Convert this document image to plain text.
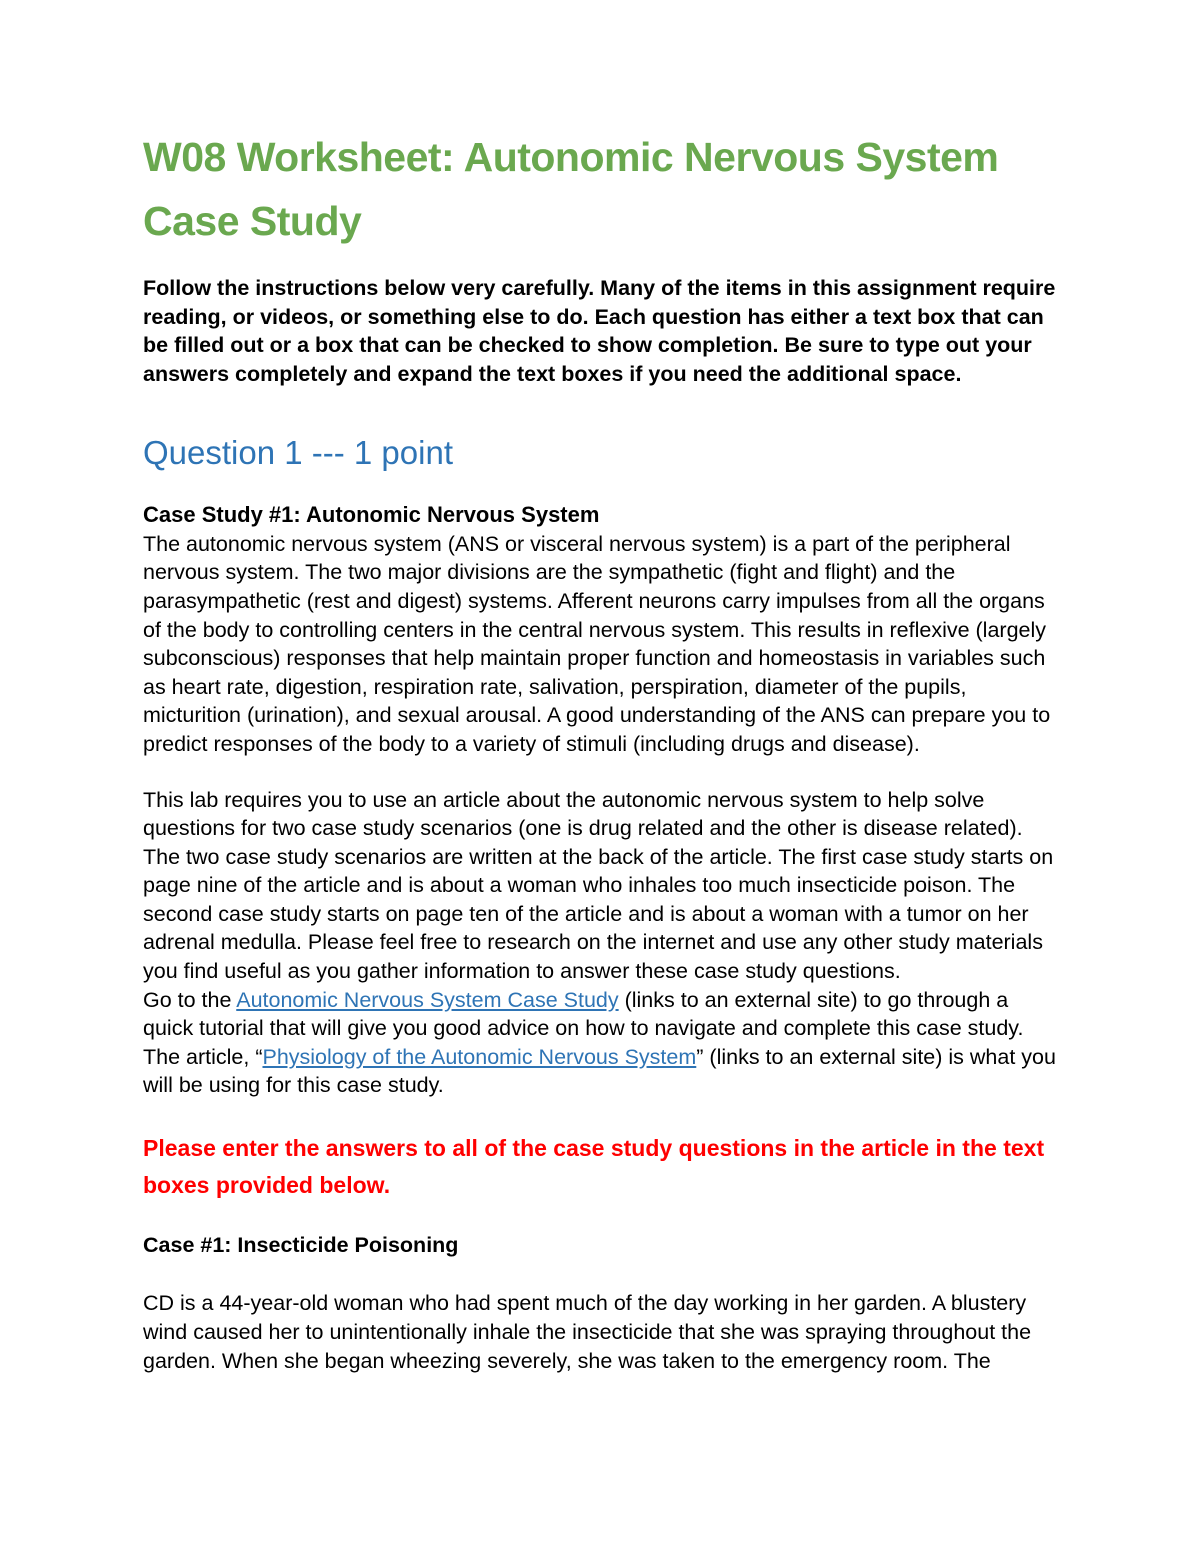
W08 Worksheet: Autonomic Nervous System Case Study

Follow the instructions below very carefully. Many of the items in this assignment require reading, or videos, or something else to do. Each question has either a text box that can be filled out or a box that can be checked to show completion. Be sure to type out your answers completely and expand the text boxes if you need the additional space.

Question 1 --- 1 point

Case Study #1: Autonomic Nervous System

The autonomic nervous system (ANS or visceral nervous system) is a part of the peripheral nervous system. The two major divisions are the sympathetic (fight and flight) and the parasympathetic (rest and digest) systems. Afferent neurons carry impulses from all the organs of the body to controlling centers in the central nervous system. This results in reflexive (largely subconscious) responses that help maintain proper function and homeostasis in variables such as heart rate, digestion, respiration rate, salivation, perspiration, diameter of the pupils, micturition (urination), and sexual arousal. A good understanding of the ANS can prepare you to predict responses of the body to a variety of stimuli (including drugs and disease).

This lab requires you to use an article about the autonomic nervous system to help solve questions for two case study scenarios (one is drug related and the other is disease related). The two case study scenarios are written at the back of the article. The first case study starts on page nine of the article and is about a woman who inhales too much insecticide poison. The second case study starts on page ten of the article and is about a woman with a tumor on her adrenal medulla. Please feel free to research on the internet and use any other study materials you find useful as you gather information to answer these case study questions.

Go to the Autonomic Nervous System Case Study (links to an external site) to go through a quick tutorial that will give you good advice on how to navigate and complete this case study.
The article, “Physiology of the Autonomic Nervous System” (links to an external site) is what you will be using for this case study.

Please enter the answers to all of the case study questions in the article in the text boxes provided below.

Case #1: Insecticide Poisoning

CD is a 44-year-old woman who had spent much of the day working in her garden. A blustery wind caused her to unintentionally inhale the insecticide that she was spraying throughout the garden. When she began wheezing severely, she was taken to the emergency room. The
